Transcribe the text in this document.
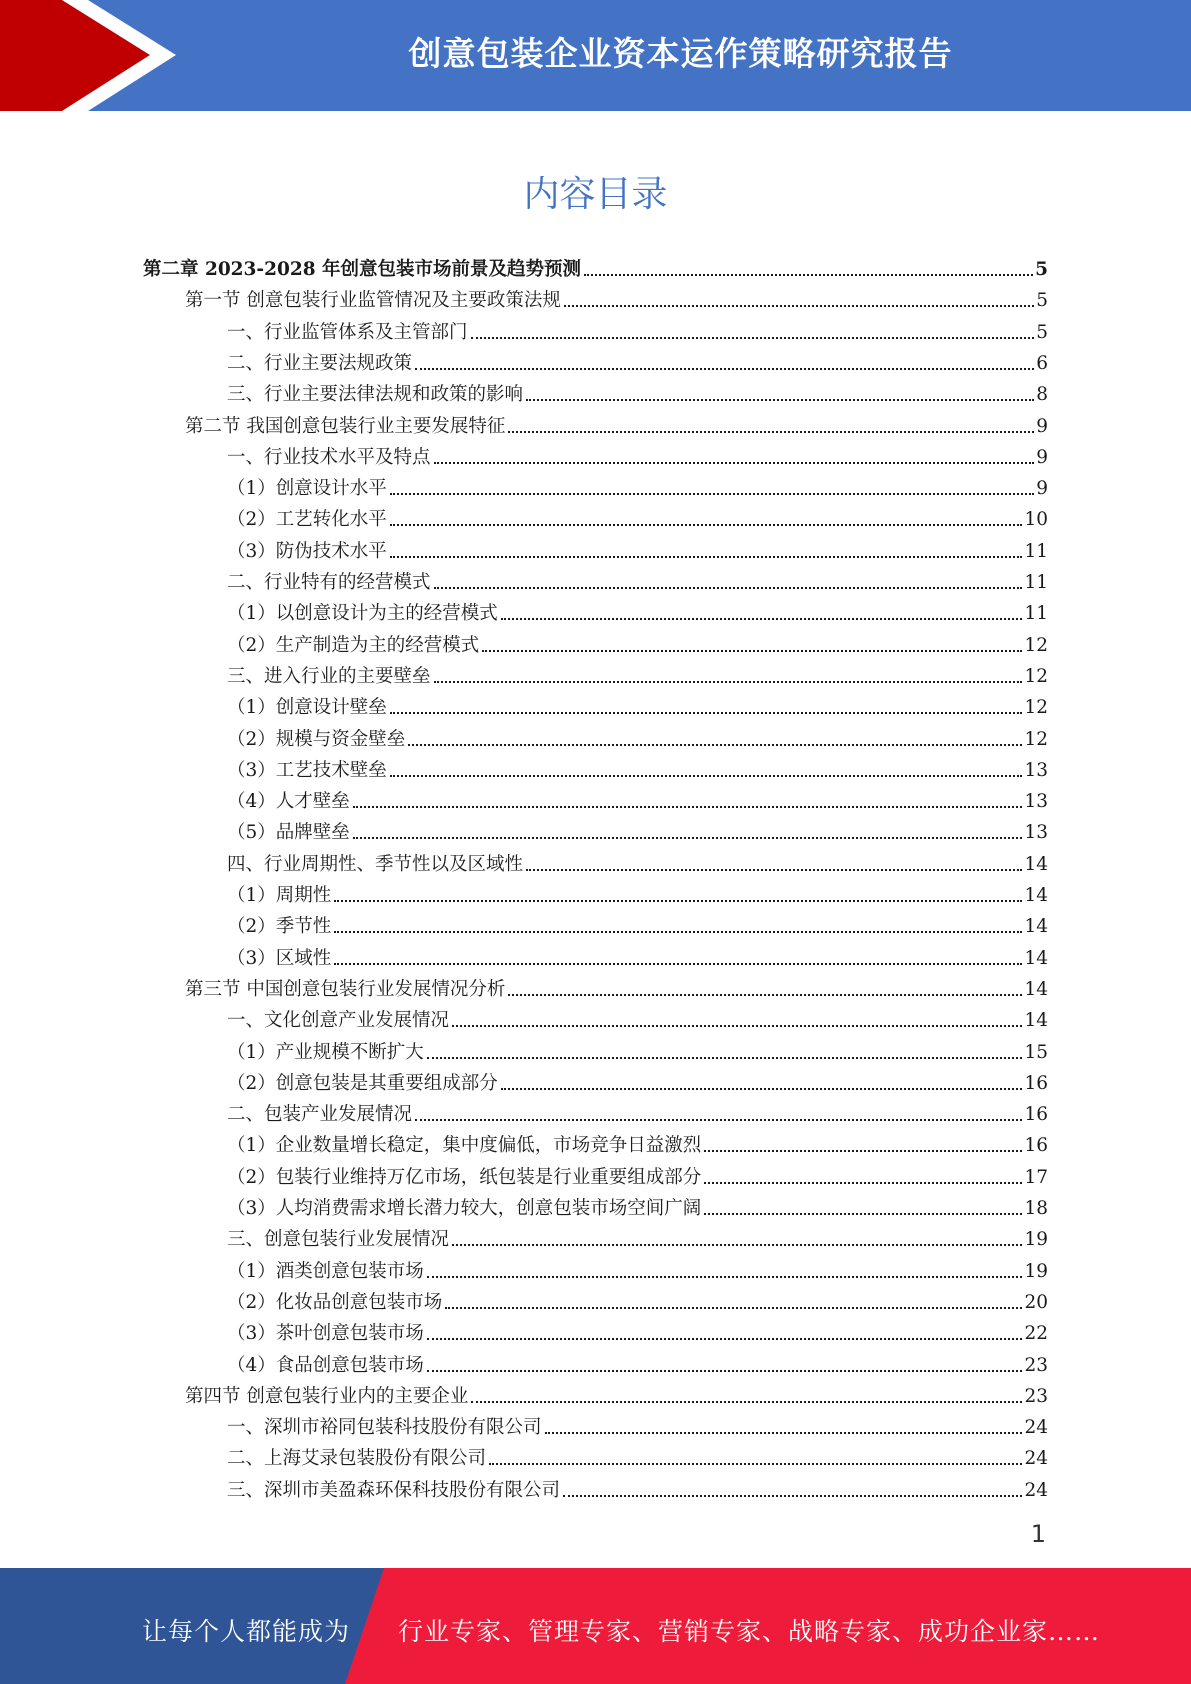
创意包装企业资本运作策略研究报告
内容目录
第二章 2023-2028 年创意包装市场前景及趋势预测	5
第一节 创意包装行业监管情况及主要政策法规	5
一、行业监管体系及主管部门	5
二、行业主要法规政策	6
三、行业主要法律法规和政策的影响	8
第二节 我国创意包装行业主要发展特征	9
一、行业技术水平及特点	9
（1）创意设计水平	9
（2）工艺转化水平	10
（3）防伪技术水平	11
二、行业特有的经营模式	11
（1）以创意设计为主的经营模式	11
（2）生产制造为主的经营模式	12
三、进入行业的主要壁垒	12
（1）创意设计壁垒	12
（2）规模与资金壁垒	12
（3）工艺技术壁垒	13
（4）人才壁垒	13
（5）品牌壁垒	13
四、行业周期性、季节性以及区域性	14
（1）周期性	14
（2）季节性	14
（3）区域性	14
第三节 中国创意包装行业发展情况分析	14
一、文化创意产业发展情况	14
（1）产业规模不断扩大	15
（2）创意包装是其重要组成部分	16
二、包装产业发展情况	16
（1）企业数量增长稳定，集中度偏低，市场竞争日益激烈	16
（2）包装行业维持万亿市场，纸包装是行业重要组成部分	17
（3）人均消费需求增长潜力较大，创意包装市场空间广阔	18
三、创意包装行业发展情况	19
（1）酒类创意包装市场	19
（2）化妆品创意包装市场	20
（3）茶叶创意包装市场	22
（4）食品创意包装市场	23
第四节 创意包装行业内的主要企业	23
一、深圳市裕同包装科技股份有限公司	24
二、上海艾录包装股份有限公司	24
三、深圳市美盈森环保科技股份有限公司	24
1
让每个人都能成为 行业专家、管理专家、营销专家、战略专家、成功企业家……
